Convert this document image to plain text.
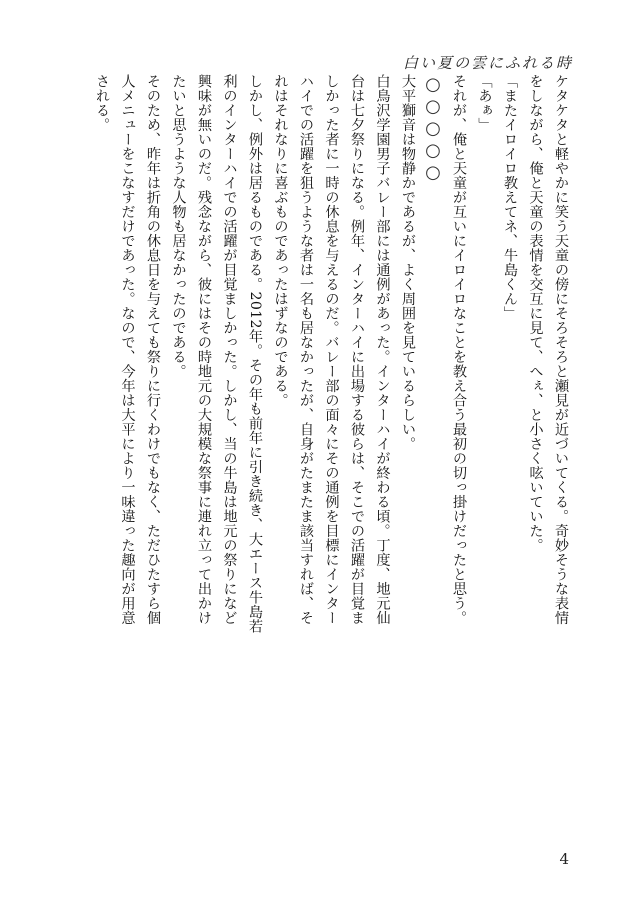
白い夏の雲にふれる時

ケタケタと軽やかに笑う天童の傍にそろそろと瀬見が近づいてくる。奇妙そうな表情をしながら、俺と天童の表情を交互に見て、へぇ、と小さく呟いていた。

「またイロイロ教えてネ、牛島くん」

「あぁ」

それが、俺と天童が互いにイロイロなことを教え合う最初の切っ掛けだったと思う。

○○○○○

大平獅音は物静かであるが、よく周囲を見ているらしい。

白鳥沢学園男子バレー部には通例があった。インターハイが終わる頃。丁度、地元仙台は七夕祭りになる。例年、インターハイに出場する彼らは、そこでの活躍が目覚ましかった者に一時の休息を与えるのだ。バレー部の面々にその通例を目標にインターハイでの活躍を狙うような者は一名も居なかったが、自身がたまたま該当すれば、それはそれなりに喜ぶものであったはずなのである。

しかし、例外は居るものである。2012年。その年も前年に引き続き、大エース牛島若利のインターハイでの活躍が目覚ましかった。しかし、当の牛島は地元の祭りになど興味が無いのだ。残念ながら、彼にはその時地元の大規模な祭事に連れ立って出かけたいと思うような人物も居なかったのである。

そのため、昨年は折角の休息日を与えても祭りに行くわけでもなく、ただひたすら個人メニューをこなすだけであった。なので、今年は大平により一味違った趣向が用意される。

4
